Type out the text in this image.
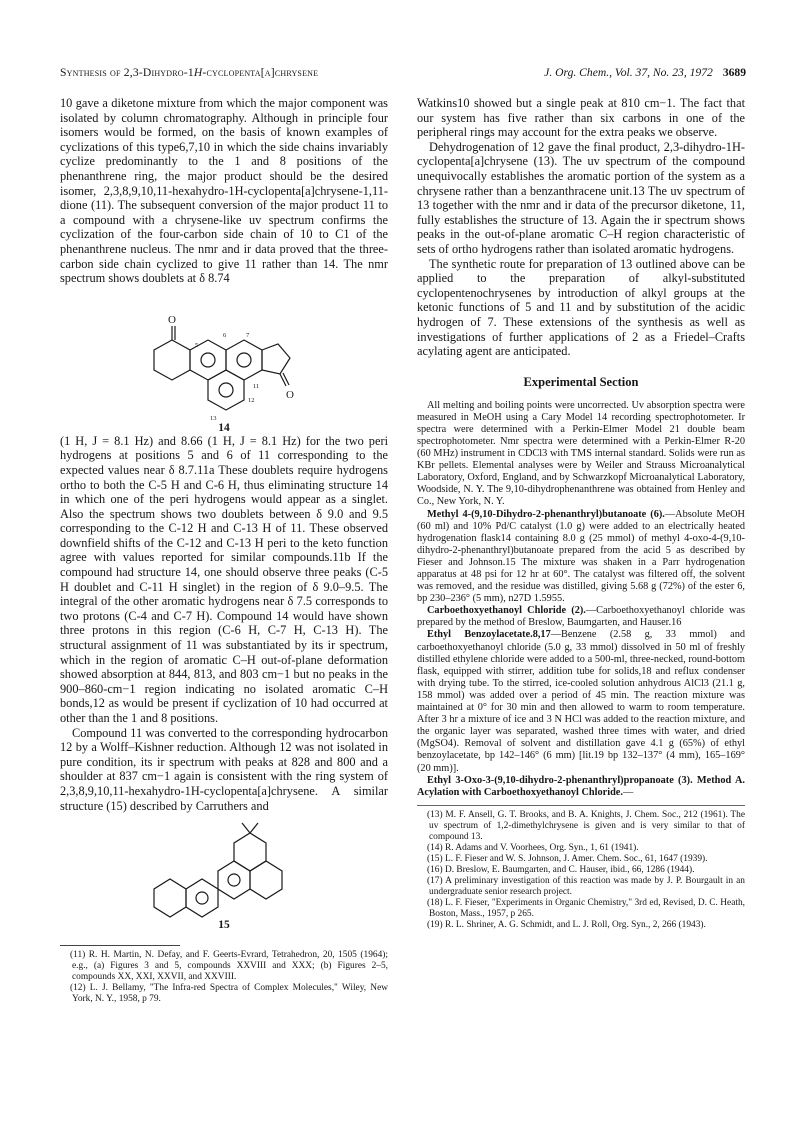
Synthesis of 2,3-Dihydro-1H-cyclopenta[a]chrysene	J. Org. Chem., Vol. 37, No. 23, 1972 3689

10 gave a diketone mixture from which the major component was isolated by column chromatography. Although in principle four isomers would be formed, on the basis of known examples of cyclizations of this type6,7,10 in which the side chains invariably cyclize predominantly to the 1 and 8 positions of the phenanthrene ring, the major product should be the desired isomer, 2,3,8,9,10,11-hexahydro-1H-cyclopenta[a]chrysene-1,11-dione (11). The subsequent conversion of the major product 11 to a compound with a chrysene-like uv spectrum confirms the cyclization of the four-carbon side chain of 10 to C1 of the phenanthrene nucleus. The nmr and ir data proved that the three-carbon side chain cyclized to give 11 rather than 14. The nmr spectrum shows doublets at δ 8.74

O
O
5
6	7
11
12
13
14

(1 H, J = 8.1 Hz) and 8.66 (1 H, J = 8.1 Hz) for the two peri hydrogens at positions 5 and 6 of 11 corresponding to the expected values near δ 8.7.11a These doublets require hydrogens ortho to both the C-5 H and C-6 H, thus eliminating structure 14 in which one of the peri hydrogens would appear as a singlet. Also the spectrum shows two doublets between δ 9.0 and 9.5 corresponding to the C-12 H and C-13 H of 11. These observed downfield shifts of the C-12 and C-13 H peri to the keto function agree with values reported for similar compounds.11b If the compound had structure 14, one should observe three peaks (C-5 H doublet and C-11 H singlet) in the region of δ 9.0–9.5. The integral of the other aromatic hydrogens near δ 7.5 corresponds to two protons (C-4 and C-7 H). Compound 14 would have shown three protons in this region (C-6 H, C-7 H, C-13 H). The structural assignment of 11 was substantiated by its ir spectrum, which in the region of aromatic C–H out-of-plane deformation showed absorption at 844, 813, and 803 cm−1 but no peaks in the 900–860-cm−1 region indicating no isolated aromatic C–H bonds,12 as would be present if cyclization of 10 had occurred at other than the 1 and 8 positions.

Compound 11 was converted to the corresponding hydrocarbon 12 by a Wolff–Kishner reduction. Although 12 was not isolated in pure condition, its ir spectrum with peaks at 828 and 800 and a shoulder at 837 cm−1 again is consistent with the ring system of 2,3,8,9,10,11-hexahydro-1H-cyclopenta[a]chrysene. A similar structure (15) described by Carruthers and

15

(11) R. H. Martin, N. Defay, and F. Geerts-Evrard, Tetrahedron, 20, 1505 (1964); e.g., (a) Figures 3 and 5, compounds XXVIII and XXX; (b) Figures 2–5, compounds XX, XXI, XXVII, and XXVIII.

(12) L. J. Bellamy, "The Infra-red Spectra of Complex Molecules," Wiley, New York, N. Y., 1958, p 79.

Watkins10 showed but a single peak at 810 cm−1. The fact that our system has five rather than six carbons in one of the peripheral rings may account for the extra peaks we observe.

Dehydrogenation of 12 gave the final product, 2,3-dihydro-1H-cyclopenta[a]chrysene (13). The uv spectrum of the compound unequivocally establishes the aromatic portion of the system as a chrysene rather than a benzanthracene unit.13 The uv spectrum of 13 together with the nmr and ir data of the precursor diketone, 11, fully establishes the structure of 13. Again the ir spectrum shows peaks in the out-of-plane aromatic C–H region characteristic of sets of ortho hydrogens rather than isolated aromatic hydrogens.

The synthetic route for preparation of 13 outlined above can be applied to the preparation of alkyl-substituted cyclopentenochrysenes by introduction of alkyl groups at the ketonic functions of 5 and 11 and by substitution of the acidic hydrogen of 7. These extensions of the synthesis as well as investigations of further applications of 2 as a Friedel–Crafts acylating agent are anticipated.

Experimental Section

All melting and boiling points were uncorrected. Uv absorption spectra were measured in MeOH using a Cary Model 14 recording spectrophotometer. Ir spectra were determined with a Perkin-Elmer Model 21 double beam spectrophotometer. Nmr spectra were determined with a Perkin-Elmer R-20 (60 MHz) instrument in CDCl3 with TMS internal standard. Solids were run as KBr pellets. Elemental analyses were by Weiler and Strauss Microanalytical Laboratory, Oxford, England, and by Schwarzkopf Microanalytical Laboratory, Woodside, N. Y. The 9,10-dihydrophenanthrene was obtained from Henley and Co., New York, N. Y.

Methyl 4-(9,10-Dihydro-2-phenanthryl)butanoate (6).—Absolute MeOH (60 ml) and 10% Pd/C catalyst (1.0 g) were added to an electrically heated hydrogenation flask14 containing 8.0 g (25 mmol) of methyl 4-oxo-4-(9,10-dihydro-2-phenanthryl)butanoate prepared from the acid 5 as described by Fieser and Johnson.15 The mixture was shaken in a Parr hydrogenation apparatus at 48 psi for 12 hr at 60°. The catalyst was filtered off, the solvent was removed, and the residue was distilled, giving 5.68 g (72%) of the ester 6, bp 230–236° (5 mm), n27D 1.5955.

Carboethoxyethanoyl Chloride (2).—Carboethoxyethanoyl chloride was prepared by the method of Breslow, Baumgarten, and Hauser.16

Ethyl Benzoylacetate.8,17—Benzene (2.58 g, 33 mmol) and carboethoxyethanoyl chloride (5.0 g, 33 mmol) dissolved in 50 ml of freshly distilled ethylene chloride were added to a 500-ml, three-necked, round-bottom flask, equipped with stirrer, addition tube for solids,18 and reflux condenser with drying tube. To the stirred, ice-cooled solution anhydrous AlCl3 (21.1 g, 158 mmol) was added over a period of 45 min. The reaction mixture was maintained at 0° for 30 min and then allowed to warm to room temperature. After 3 hr a mixture of ice and 3 N HCl was added to the reaction mixture, and the organic layer was separated, washed three times with water, and dried (MgSO4). Removal of solvent and distillation gave 4.1 g (65%) of ethyl benzoylacetate, bp 142–146° (6 mm) [lit.19 bp 132–137° (4 mm), 165–169° (20 mm)].

Ethyl 3-Oxo-3-(9,10-dihydro-2-phenanthryl)propanoate (3). Method A. Acylation with Carboethoxyethanoyl Chloride.—

(13) M. F. Ansell, G. T. Brooks, and B. A. Knights, J. Chem. Soc., 212 (1961). The uv spectrum of 1,2-dimethylchrysene is given and is very similar to that of compound 13.

(14) R. Adams and V. Voorhees, Org. Syn., 1, 61 (1941).

(15) L. F. Fieser and W. S. Johnson, J. Amer. Chem. Soc., 61, 1647 (1939).

(16) D. Breslow, E. Baumgarten, and C. Hauser, ibid., 66, 1286 (1944).

(17) A preliminary investigation of this reaction was made by J. P. Bourgault in an undergraduate senior research project.

(18) L. F. Fieser, "Experiments in Organic Chemistry," 3rd ed, Revised, D. C. Heath, Boston, Mass., 1957, p 265.

(19) R. L. Shriner, A. G. Schmidt, and L. J. Roll, Org. Syn., 2, 266 (1943).
